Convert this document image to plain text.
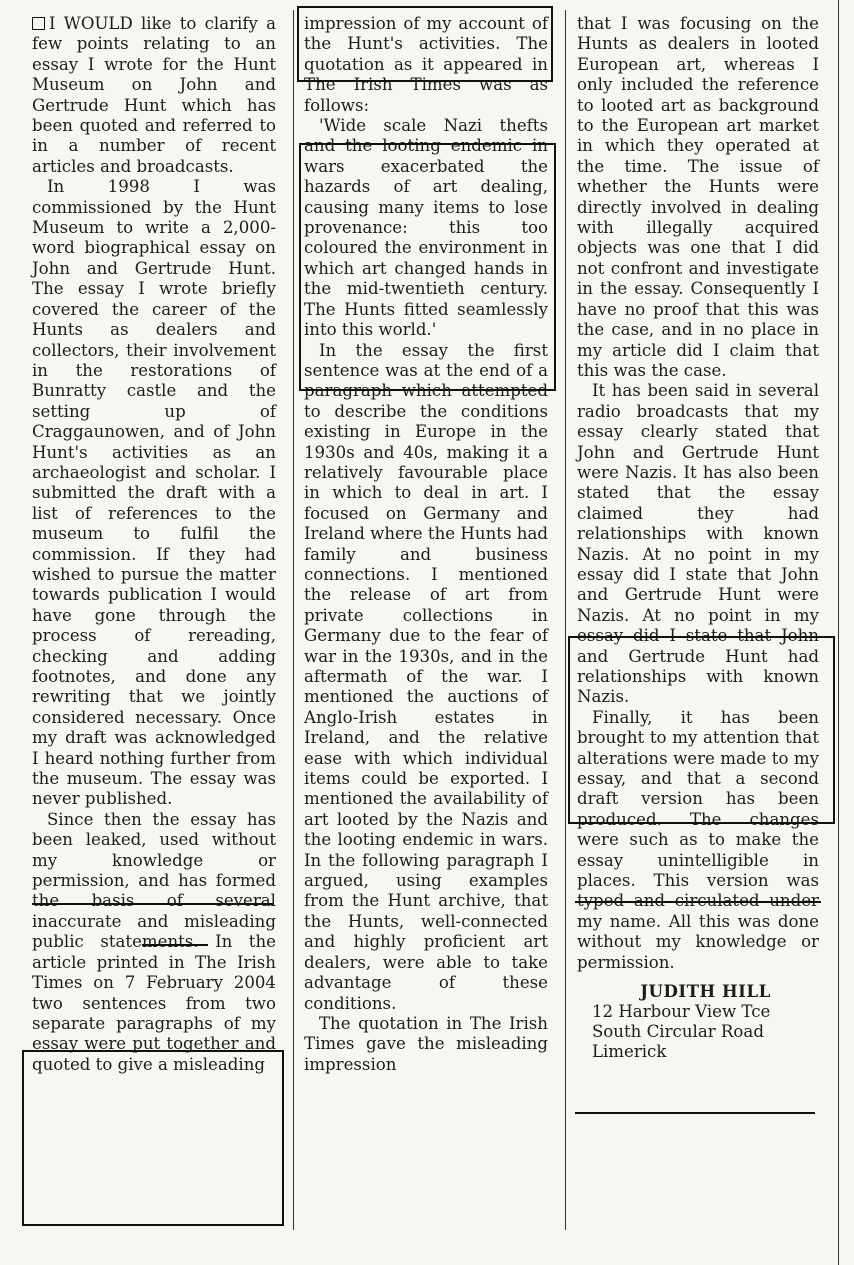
I WOULD like to clarify a few points relating to an essay I wrote for the Hunt Museum on John and Gertrude Hunt which has been quoted and referred to in a number of recent articles and broadcasts.

In 1998 I was commissioned by the Hunt Museum to write a 2,000-word biographical essay on John and Gertrude Hunt. The essay I wrote briefly covered the career of the Hunts as dealers and collectors, their involvement in the restorations of Bunratty castle and the setting up of Craggaunowen, and of John Hunt's activities as an archaeologist and scholar. I submitted the draft with a list of references to the museum to fulfil the commission. If they had wished to pursue the matter towards publication I would have gone through the process of rereading, checking and adding footnotes, and done any rewriting that we jointly considered necessary. Once my draft was acknowledged I heard nothing further from the museum. The essay was never published.

Since then the essay has been leaked, used without my knowledge or permission, and has formed the basis of several inaccurate and misleading public statements. In the article printed in The Irish Times on 7 February 2004 two sentences from two separate paragraphs of my essay were put together and quoted to give a misleading

impression of my account of the Hunt's activities. The quotation as it appeared in The Irish Times was as follows:

'Wide scale Nazi thefts and the looting endemic in wars exacerbated the hazards of art dealing, causing many items to lose provenance: this too coloured the environment in which art changed hands in the mid-twentieth century. The Hunts fitted seamlessly into this world.'

In the essay the first sentence was at the end of a paragraph which attempted to describe the conditions existing in Europe in the 1930s and 40s, making it a relatively favourable place in which to deal in art. I focused on Germany and Ireland where the Hunts had family and business connections. I mentioned the release of art from private collections in Germany due to the fear of war in the 1930s, and in the aftermath of the war. I mentioned the auctions of Anglo-Irish estates in Ireland, and the relative ease with which individual items could be exported. I mentioned the availability of art looted by the Nazis and the looting endemic in wars. In the following paragraph I argued, using examples from the Hunt archive, that the Hunts, well-connected and highly proficient art dealers, were able to take advantage of these conditions.

The quotation in The Irish Times gave the misleading impression

that I was focusing on the Hunts as dealers in looted European art, whereas I only included the reference to looted art as background to the European art market in which they operated at the time. The issue of whether the Hunts were directly involved in dealing with illegally acquired objects was one that I did not confront and investigate in the essay. Consequently I have no proof that this was the case, and in no place in my article did I claim that this was the case.

It has been said in several radio broadcasts that my essay clearly stated that John and Gertrude Hunt were Nazis. It has also been stated that the essay claimed they had relationships with known Nazis. At no point in my essay did I state that John and Gertrude Hunt were Nazis. At no point in my essay did I state that John and Gertrude Hunt had relationships with known Nazis.

Finally, it has been brought to my attention that alterations were made to my essay, and that a second draft version has been produced. The changes were such as to make the essay unintelligible in places. This version was typed and circulated under my name. All this was done without my knowledge or permission.

JUDITH HILL

12 Harbour View Tce

South Circular Road

Limerick
